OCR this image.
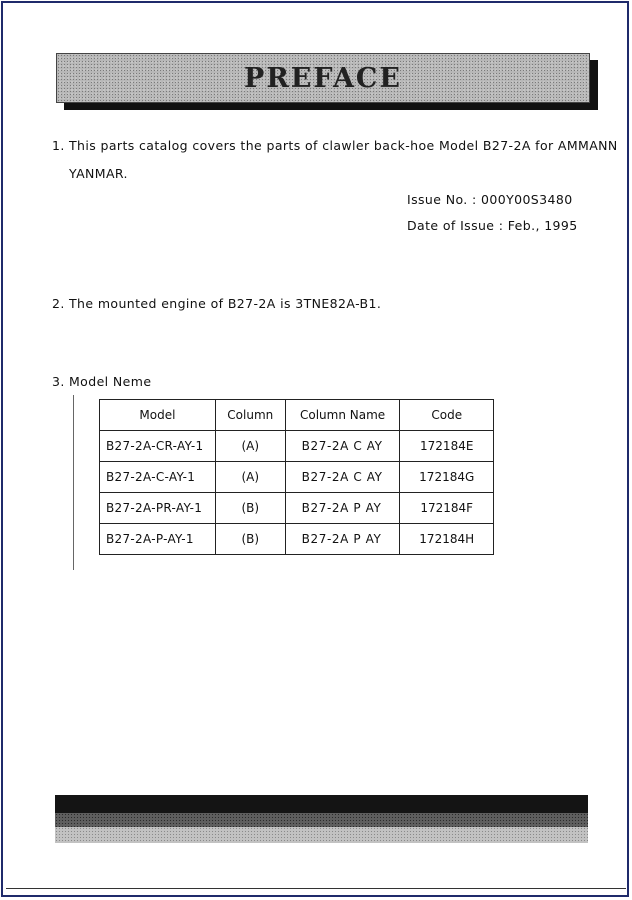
PREFACE
1. This parts catalog covers the parts of clawler back-hoe Model B27-2A for AMMANN
YANMAR.
Issue No. : 000Y00S3480
Date of Issue : Feb., 1995
2. The mounted engine of B27-2A is 3TNE82A-B1.
3. Model Neme
Model	Column	Column Name	Code
B27-2A-CR-AY-1	(A)	B27-2A C AY	172184E
B27-2A-C-AY-1	(A)	B27-2A C AY	172184G
B27-2A-PR-AY-1	(B)	B27-2A P AY	172184F
B27-2A-P-AY-1	(B)	B27-2A P AY	172184H
